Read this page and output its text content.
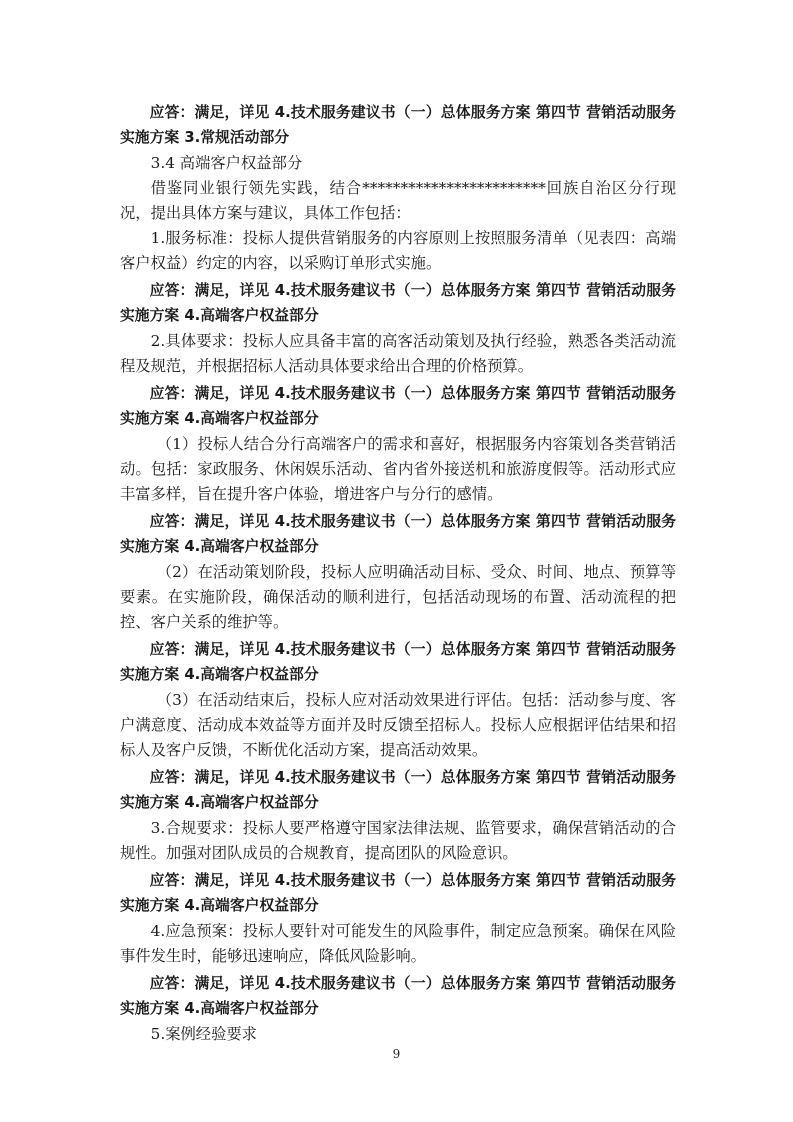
应答：满足，详见 4.技术服务建议书（一）总体服务方案 第四节 营销活动服务实施方案 3.常规活动部分

3.4 高端客户权益部分

借鉴同业银行领先实践，结合************************回族自治区分行现况，提出具体方案与建议，具体工作包括：

1.服务标准：投标人提供营销服务的内容原则上按照服务清单（见表四：高端客户权益）约定的内容，以采购订单形式实施。

应答：满足，详见 4.技术服务建议书（一）总体服务方案 第四节 营销活动服务实施方案 4.高端客户权益部分

2.具体要求：投标人应具备丰富的高客活动策划及执行经验，熟悉各类活动流程及规范，并根据招标人活动具体要求给出合理的价格预算。

应答：满足，详见 4.技术服务建议书（一）总体服务方案 第四节 营销活动服务实施方案 4.高端客户权益部分

（1）投标人结合分行高端客户的需求和喜好，根据服务内容策划各类营销活动。包括：家政服务、休闲娱乐活动、省内省外接送机和旅游度假等。活动形式应丰富多样，旨在提升客户体验，增进客户与分行的感情。

应答：满足，详见 4.技术服务建议书（一）总体服务方案 第四节 营销活动服务实施方案 4.高端客户权益部分

（2）在活动策划阶段，投标人应明确活动目标、受众、时间、地点、预算等要素。在实施阶段，确保活动的顺利进行，包括活动现场的布置、活动流程的把控、客户关系的维护等。

应答：满足，详见 4.技术服务建议书（一）总体服务方案 第四节 营销活动服务实施方案 4.高端客户权益部分

（3）在活动结束后，投标人应对活动效果进行评估。包括：活动参与度、客户满意度、活动成本效益等方面并及时反馈至招标人。投标人应根据评估结果和招标人及客户反馈，不断优化活动方案，提高活动效果。

应答：满足，详见 4.技术服务建议书（一）总体服务方案 第四节 营销活动服务实施方案 4.高端客户权益部分

3.合规要求：投标人要严格遵守国家法律法规、监管要求，确保营销活动的合规性。加强对团队成员的合规教育，提高团队的风险意识。

应答：满足，详见 4.技术服务建议书（一）总体服务方案 第四节 营销活动服务实施方案 4.高端客户权益部分

4.应急预案：投标人要针对可能发生的风险事件，制定应急预案。确保在风险事件发生时，能够迅速响应，降低风险影响。

应答：满足，详见 4.技术服务建议书（一）总体服务方案 第四节 营销活动服务实施方案 4.高端客户权益部分

5.案例经验要求

9
